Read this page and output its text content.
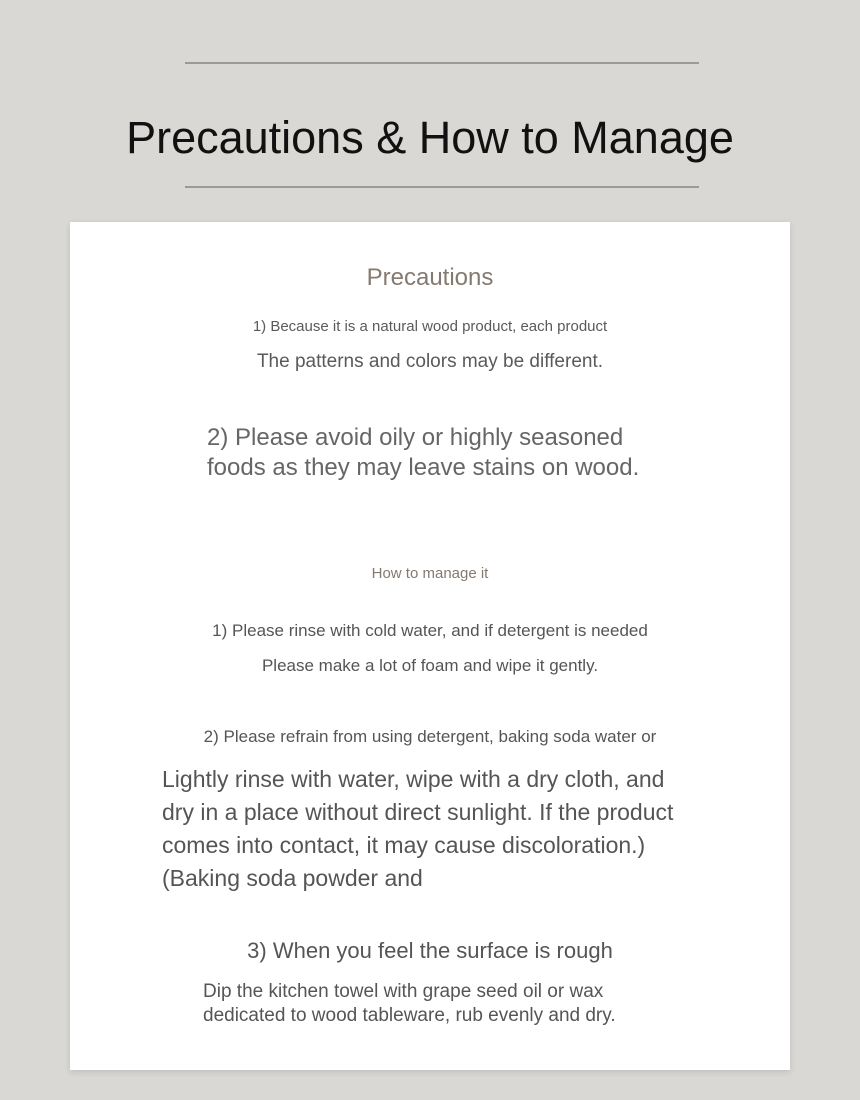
Precautions & How to Manage

Precautions

1) Because it is a natural wood product, each product

The patterns and colors may be different.

2) Please avoid oily or highly seasoned foods as they may leave stains on wood.

How to manage it

1) Please rinse with cold water, and if detergent is needed

Please make a lot of foam and wipe it gently.

2) Please refrain from using detergent, baking soda water or

Lightly rinse with water, wipe with a dry cloth, and dry in a place without direct sunlight. If the product comes into contact, it may cause discoloration.) (Baking soda powder and

3) When you feel the surface is rough

Dip the kitchen towel with grape seed oil or wax dedicated to wood tableware, rub evenly and dry.
